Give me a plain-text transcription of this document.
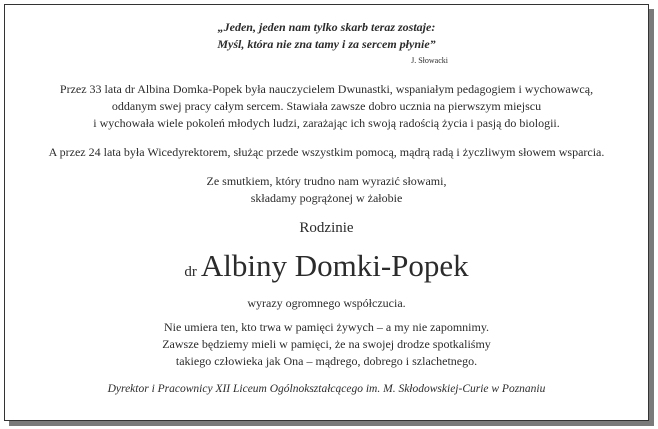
„Jeden, jeden nam tylko skarb teraz zostaje:
Myśl, która nie zna tamy i za sercem płynie”
J. Słowacki
Przez 33 lata dr Albina Domka-Popek była nauczycielem Dwunastki, wspaniałym pedagogiem i wychowawcą,
oddanym swej pracy całym sercem. Stawiała zawsze dobro ucznia na pierwszym miejscu
i wychowała wiele pokoleń młodych ludzi, zarażając ich swoją radością życia i pasją do biologii.
A przez 24 lata była Wicedyrektorem, służąc przede wszystkim pomocą, mądrą radą i życzliwym słowem wsparcia.
Ze smutkiem, który trudno nam wyrazić słowami,
składamy pogrążonej w żałobie
Rodzinie
dr Albiny Domki-Popek
wyrazy ogromnego współczucia.
Nie umiera ten, kto trwa w pamięci żywych – a my nie zapomnimy.
Zawsze będziemy mieli w pamięci, że na swojej drodze spotkaliśmy
takiego człowieka jak Ona – mądrego, dobrego i szlachetnego.
Dyrektor i Pracownicy XII Liceum Ogólnokształcącego im. M. Skłodowskiej-Curie w Poznaniu
